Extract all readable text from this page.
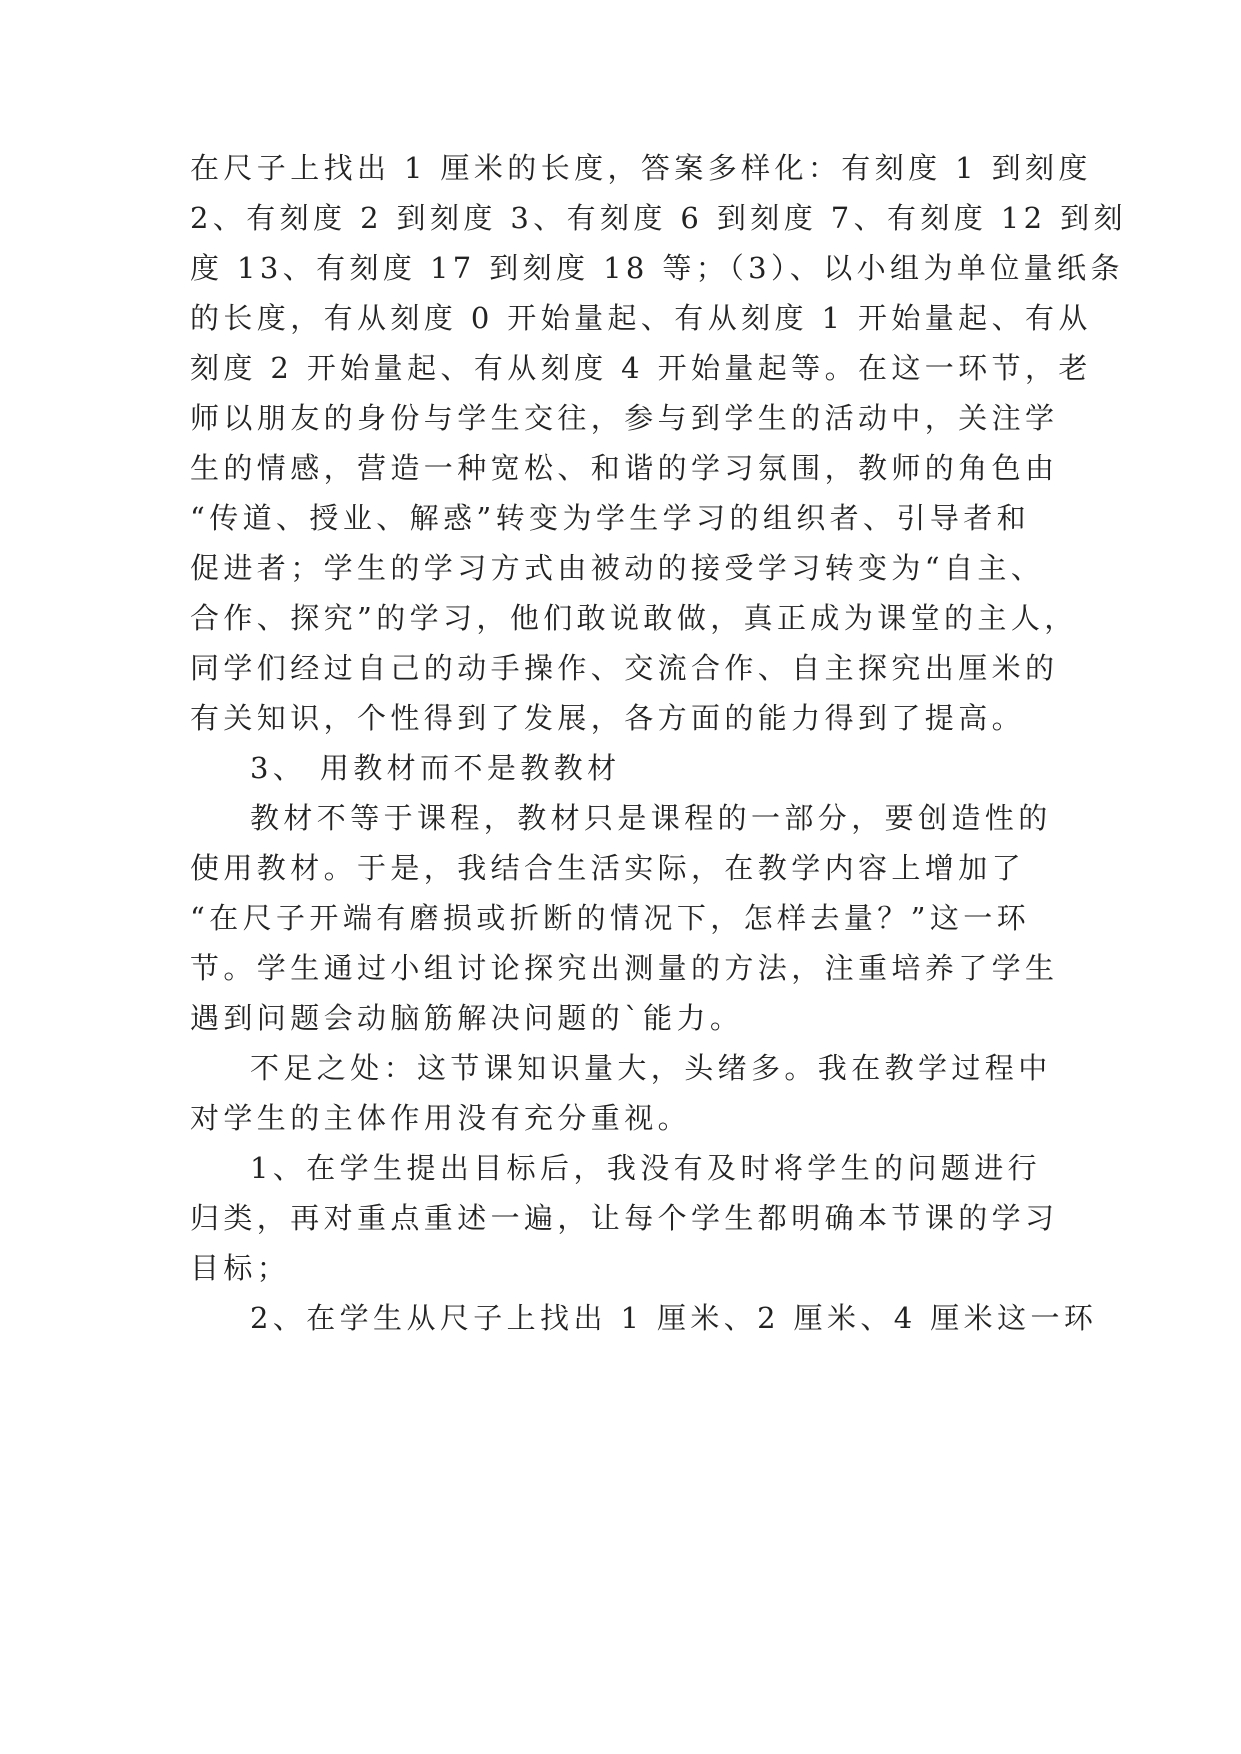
在尺子上找出 1 厘米的长度，答案多样化：有刻度 1 到刻度
2、有刻度 2 到刻度 3、有刻度 6 到刻度 7、有刻度 12 到刻
度 13、有刻度 17 到刻度 18 等；（3）、以小组为单位量纸条
的长度，有从刻度 0 开始量起、有从刻度 1 开始量起、有从
刻度 2 开始量起、有从刻度 4 开始量起等。在这一环节，老
师以朋友的身份与学生交往，参与到学生的活动中，关注学
生的情感，营造一种宽松、和谐的学习氛围，教师的角色由
“传道、授业、解惑”转变为学生学习的组织者、引导者和
促进者；学生的学习方式由被动的接受学习转变为“自主、
合作、探究”的学习，他们敢说敢做，真正成为课堂的主人，
同学们经过自己的动手操作、交流合作、自主探究出厘米的
有关知识，个性得到了发展，各方面的能力得到了提高。
3、 用教材而不是教教材
教材不等于课程，教材只是课程的一部分，要创造性的
使用教材。于是，我结合生活实际，在教学内容上增加了
“在尺子开端有磨损或折断的情况下，怎样去量？”这一环
节。学生通过小组讨论探究出测量的方法，注重培养了学生
遇到问题会动脑筋解决问题的`能力。
不足之处：这节课知识量大，头绪多。我在教学过程中
对学生的主体作用没有充分重视。
1、在学生提出目标后，我没有及时将学生的问题进行
归类，再对重点重述一遍，让每个学生都明确本节课的学习
目标；
2、在学生从尺子上找出 1 厘米、2 厘米、4 厘米这一环
